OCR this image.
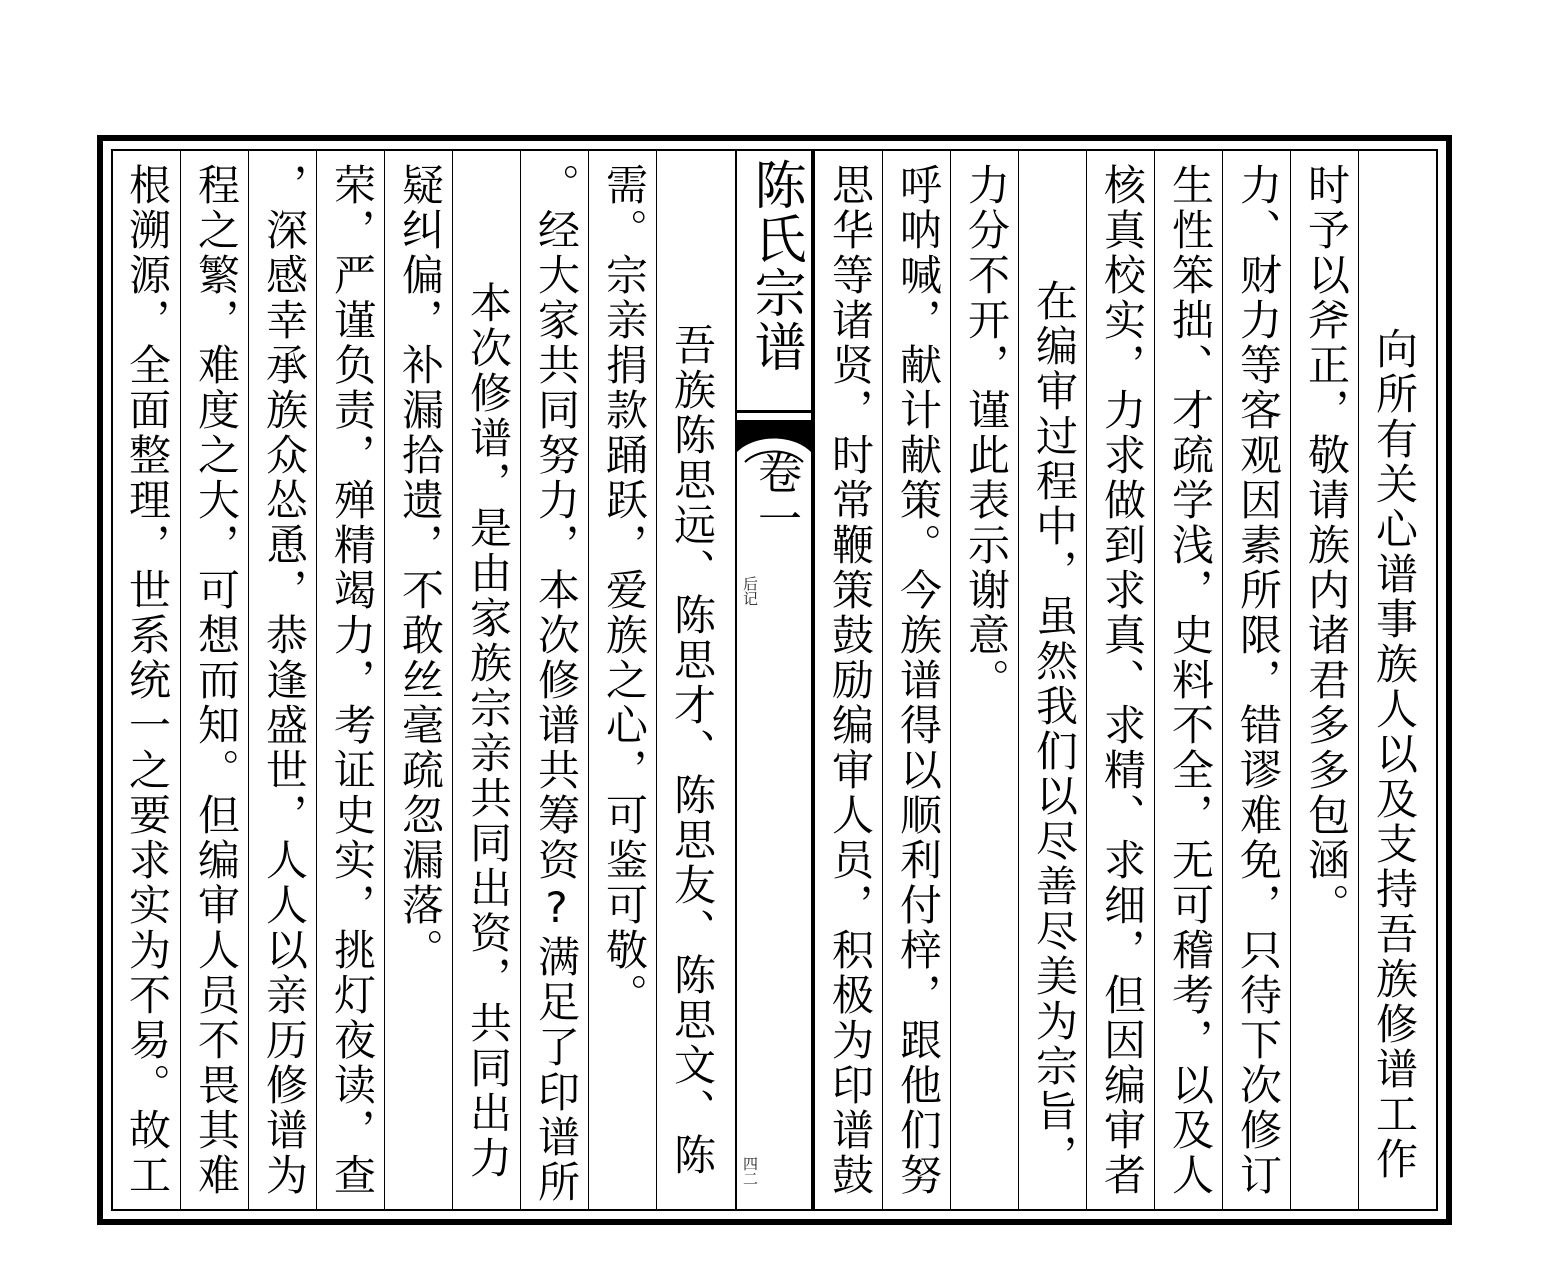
陈氏宗谱
卷一
后记
四二	向所有关心谱事族人以及支持吾族修谱工作
时予以斧正，敬请族内诸君多多包涵。
力、财力等客观因素所限，错谬难免，只待下次修订
生性笨拙、才疏学浅，史料不全，无可稽考，以及人
核真校实，力求做到求真、求精、求细，但因编审者
在编审过程中，虽然我们以尽善尽美为宗旨，
力分不开，谨此表示谢意。
呼呐喊，献计献策。今族谱得以顺利付梓，跟他们努
思华等诸贤，时常鞭策鼓励编审人员，积极为印谱鼓
吾族陈思远、陈思才、陈思友、陈思文、陈
需。宗亲捐款踊跃，爱族之心，可鉴可敬。
。经大家共同努力，本次修谱共筹资?满足了印谱所
本次修谱，是由家族宗亲共同出资，共同出力
疑纠偏，补漏拾遗，不敢丝毫疏忽漏落。
荣，严谨负责，殚精竭力，考证史实，挑灯夜读，查
，深感幸承族众怂恿，恭逢盛世，人人以亲历修谱为
程之繁，难度之大，可想而知。但编审人员不畏其难
根溯源，全面整理，世系统一之要求实为不易。故工
